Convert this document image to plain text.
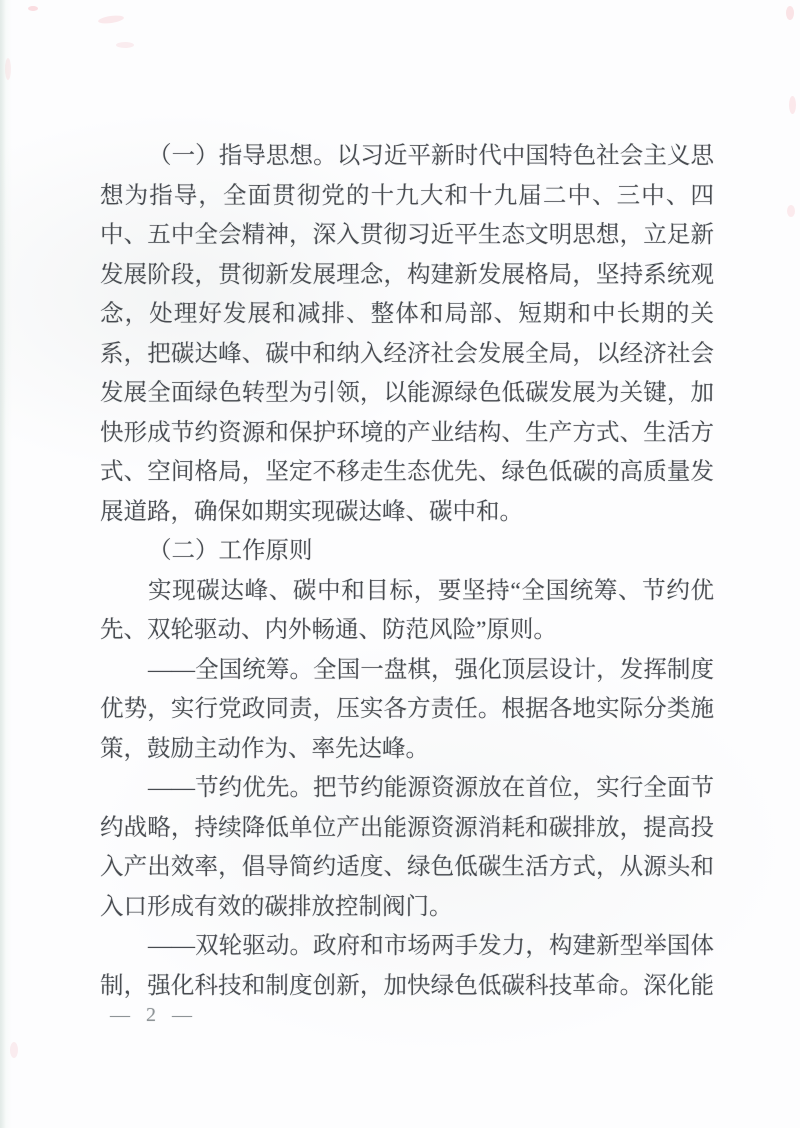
（一）指导思想。以习近平新时代中国特色社会主义思
想为指导，全面贯彻党的十九大和十九届二中、三中、四
中、五中全会精神，深入贯彻习近平生态文明思想，立足新
发展阶段，贯彻新发展理念，构建新发展格局，坚持系统观
念，处理好发展和减排、整体和局部、短期和中长期的关
系，把碳达峰、碳中和纳入经济社会发展全局，以经济社会
发展全面绿色转型为引领，以能源绿色低碳发展为关键，加
快形成节约资源和保护环境的产业结构、生产方式、生活方
式、空间格局，坚定不移走生态优先、绿色低碳的高质量发
展道路，确保如期实现碳达峰、碳中和。
（二）工作原则
实现碳达峰、碳中和目标，要坚持“全国统筹、节约优
先、双轮驱动、内外畅通、防范风险”原则。
——全国统筹。全国一盘棋，强化顶层设计，发挥制度
优势，实行党政同责，压实各方责任。根据各地实际分类施
策，鼓励主动作为、率先达峰。
——节约优先。把节约能源资源放在首位，实行全面节
约战略，持续降低单位产出能源资源消耗和碳排放，提高投
入产出效率，倡导简约适度、绿色低碳生活方式，从源头和
入口形成有效的碳排放控制阀门。
——双轮驱动。政府和市场两手发力，构建新型举国体
制，强化科技和制度创新，加快绿色低碳科技革命。深化能
— 2 —
